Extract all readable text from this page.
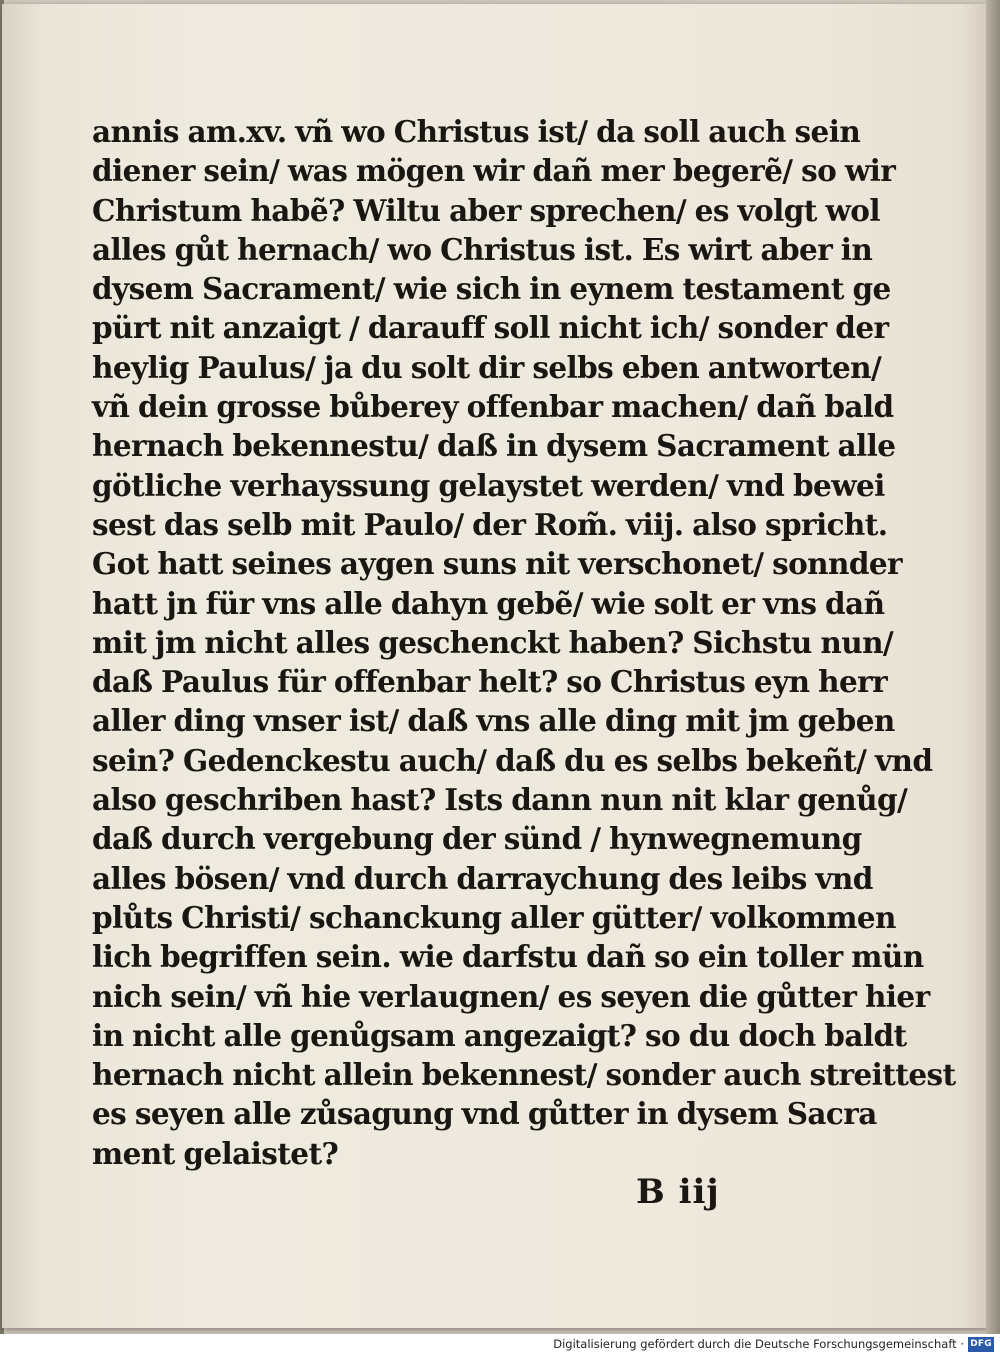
annis am.xv. vñ wo Christus ist/ da soll auch sein
diener sein/ was mögen wir dañ mer begerẽ/ so wir
Christum habẽ? Wiltu aber sprechen/ es volgt wol
alles gůt hernach/ wo Christus ist. Es wirt aber in
dysem Sacrament/ wie sich in eynem testament ge
pürt nit anzaigt / darauff soll nicht ich/ sonder der
heylig Paulus/ ja du solt dir selbs eben antworten/
vñ dein grosse bůberey offenbar machen/ dañ bald
hernach bekennestu/ daß in dysem Sacrament alle
götliche verhayssung gelaystet werden/ vnd bewei
sest das selb mit Paulo/ der Rom̃. viij. also spricht.
Got hatt seines aygen suns nit verschonet/ sonnder
hatt jn für vns alle dahyn gebẽ/ wie solt er vns dañ
mit jm nicht alles geschenckt haben? Sichstu nun/
daß Paulus für offenbar helt? so Christus eyn herr
aller ding vnser ist/ daß vns alle ding mit jm geben
sein? Gedenckestu auch/ daß du es selbs bekeñt/ vnd
also geschriben hast? Ists dann nun nit klar genůg/
daß durch vergebung der sünd / hynwegnemung
alles bösen/ vnd durch darraychung des leibs vnd
plůts Christi/ schanckung aller gütter/ volkommen
lich begriffen sein. wie darfstu dañ so ein toller mün
nich sein/ vñ hie verlaugnen/ es seyen die gůtter hier
in nicht alle genůgsam angezaigt? so du doch baldt
hernach nicht allein bekennest/ sonder auch streittest
es seyen alle zůsagung vnd gůtter in dysem Sacra
ment gelaistet?
B iij
Digitalisierung gefördert durch die Deutsche Forschungsgemeinschaft · DFG
